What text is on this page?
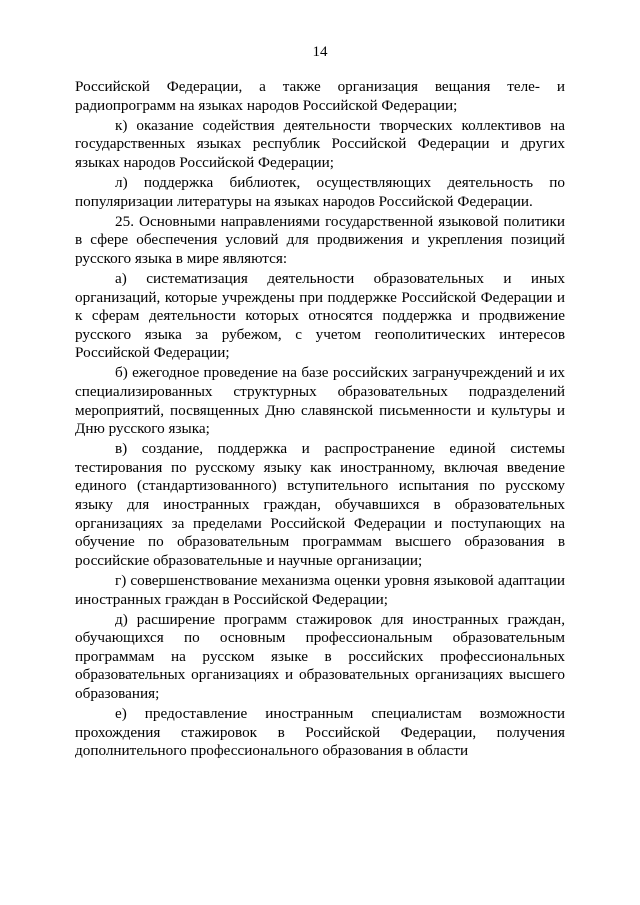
14

Российской Федерации, а также организация вещания теле- и радиопрограмм на языках народов Российской Федерации;

к) оказание содействия деятельности творческих коллективов на государственных языках республик Российской Федерации и других языках народов Российской Федерации;

л) поддержка библиотек, осуществляющих деятельность по популяризации литературы на языках народов Российской Федерации.

25. Основными направлениями государственной языковой политики в сфере обеспечения условий для продвижения и укрепления позиций русского языка в мире являются:

а) систематизация деятельности образовательных и иных организаций, которые учреждены при поддержке Российской Федерации и к сферам деятельности которых относятся поддержка и продвижение русского языка за рубежом, с учетом геополитических интересов Российской Федерации;

б) ежегодное проведение на базе российских загранучреждений и их специализированных структурных образовательных подразделений мероприятий, посвященных Дню славянской письменности и культуры и Дню русского языка;

в) создание, поддержка и распространение единой системы тестирования по русскому языку как иностранному, включая введение единого (стандартизованного) вступительного испытания по русскому языку для иностранных граждан, обучавшихся в образовательных организациях за пределами Российской Федерации и поступающих на обучение по образовательным программам высшего образования в российские образовательные и научные организации;

г) совершенствование механизма оценки уровня языковой адаптации иностранных граждан в Российской Федерации;

д) расширение программ стажировок для иностранных граждан, обучающихся по основным профессиональным образовательным программам на русском языке в российских профессиональных образовательных организациях и образовательных организациях высшего образования;

е) предоставление иностранным специалистам возможности прохождения стажировок в Российской Федерации, получения дополнительного профессионального образования в области
